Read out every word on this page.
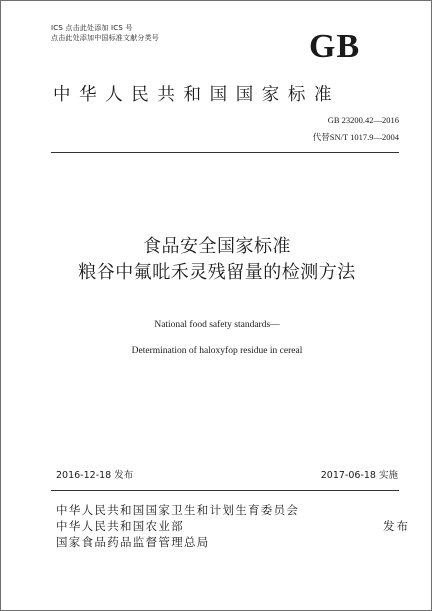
ICS 点击此处添加 ICS 号
点击此处添加中国标准文献分类号	GB
中华人民共和国国家标准
GB 23200.42—2016
代替SN/T 1017.9—2004
食品安全国家标准
粮谷中氟吡禾灵残留量的检测方法
National food safety standards—
Determination of haloxyfop residue in cereal
2016-12-18 发布	2017-06-18 实施
中华人民共和国国家卫生和计划生育委员会
中华人民共和国农业部
国家食品药品监督管理总局
发布
